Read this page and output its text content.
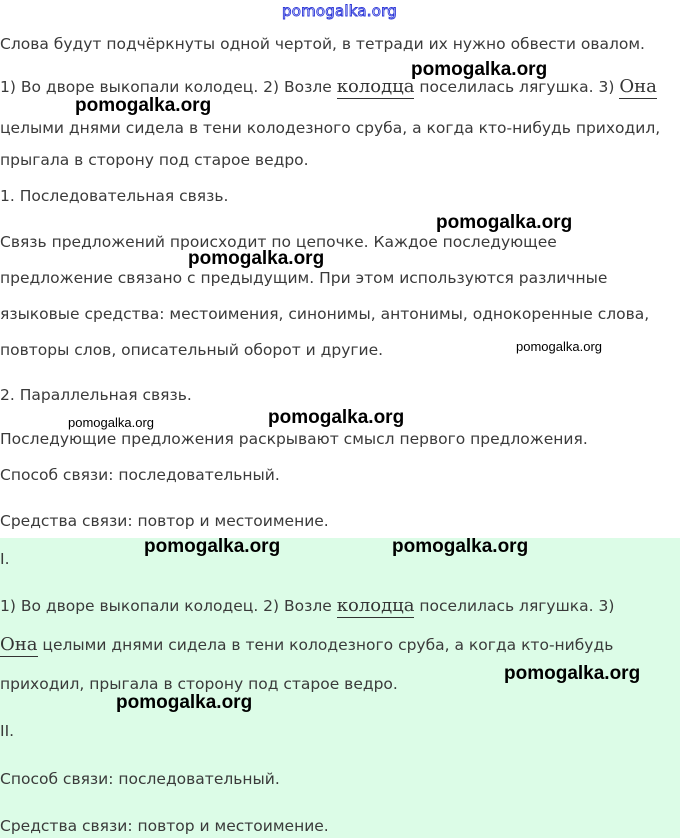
pomogalka.org
Слова будут подчёркнуты одной чертой, в тетради их нужно обвести овалом.
1) Во дворе выкопали колодец. 2) Возле колодца поселилась лягушка. 3) Она
целыми днями сидела в тени колодезного сруба, а когда кто-нибудь приходил,
прыгала в сторону под старое ведро.
1. Последовательная связь.
Связь предложений происходит по цепочке. Каждое последующее
предложение связано с предыдущим. При этом используются различные
языковые средства: местоимения, синонимы, антонимы, однокоренные слова,
повторы слов, описательный оборот и другие.
2. Параллельная связь.
Последующие предложения раскрывают смысл первого предложения.
Способ связи: последовательный.
Средства связи: повтор и местоимение.
I.
1) Во дворе выкопали колодец. 2) Возле колодца поселилась лягушка. 3)
Она целыми днями сидела в тени колодезного сруба, а когда кто-нибудь
приходил, прыгала в сторону под старое ведро.
II.
Способ связи: последовательный.
Средства связи: повтор и местоимение.
pomogalka.org
pomogalka.org
pomogalka.org
pomogalka.org
pomogalka.org
pomogalka.org
pomogalka.org
pomogalka.org	pomogalka.org
pomogalka.org
pomogalka.org
